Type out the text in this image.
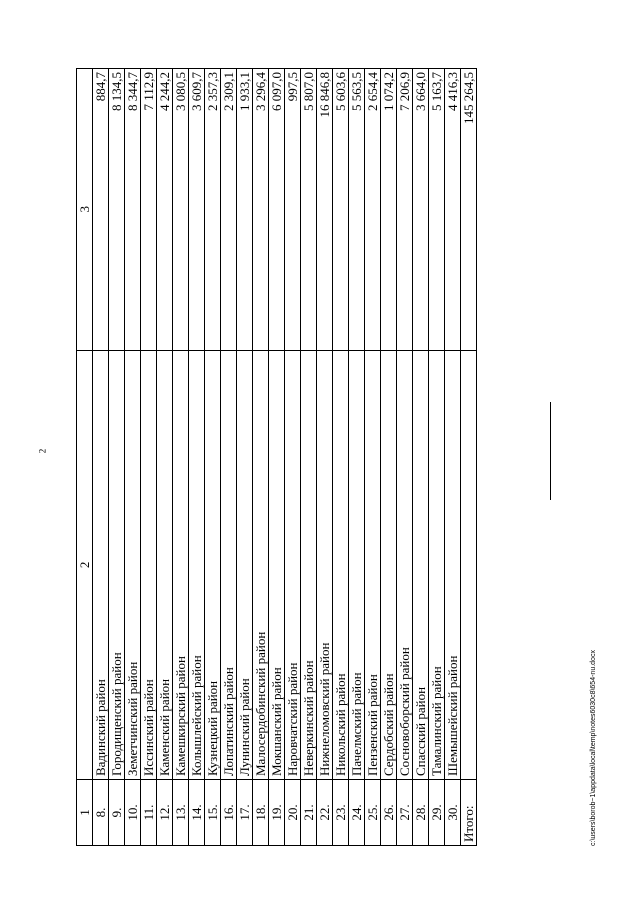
2
1	2	3
8.	Вадинский район	884,7
9.	Городищенский район	8 134,5
10.	Земетчинский район	8 344,7
11.	Иссинский район	7 112,9
12.	Каменский район	4 244,2
13.	Камешкирский район	3 080,5
14.	Колышлейский район	3 609,7
15.	Кузнецкий район	2 357,3
16.	Лопатинский район	2 309,1
17.	Лунинский район	1 933,1
18.	Малосердобинский район	3 296,4
19.	Мокшанский район	6 097,0
20.	Наровчатский район	997,5
21.	Неверкинский район	5 807,0
22.	Нижнеломовский район	16 846,8
23.	Никольский район	5 603,6
24.	Пачелмский район	5 563,5
25.	Пензенский район	2 654,4
26.	Сердобский район	1 074,2
27.	Сосновоборский район	7 206,9
28.	Спасский район	3 664,0
29.	Тамалинский район	5 163,7
30.	Шемышейский район	4 416,3
Итого:		145 264,5
c:\users\borob~1\appdata\local\temp\notes6030c8\654-nu.docx
